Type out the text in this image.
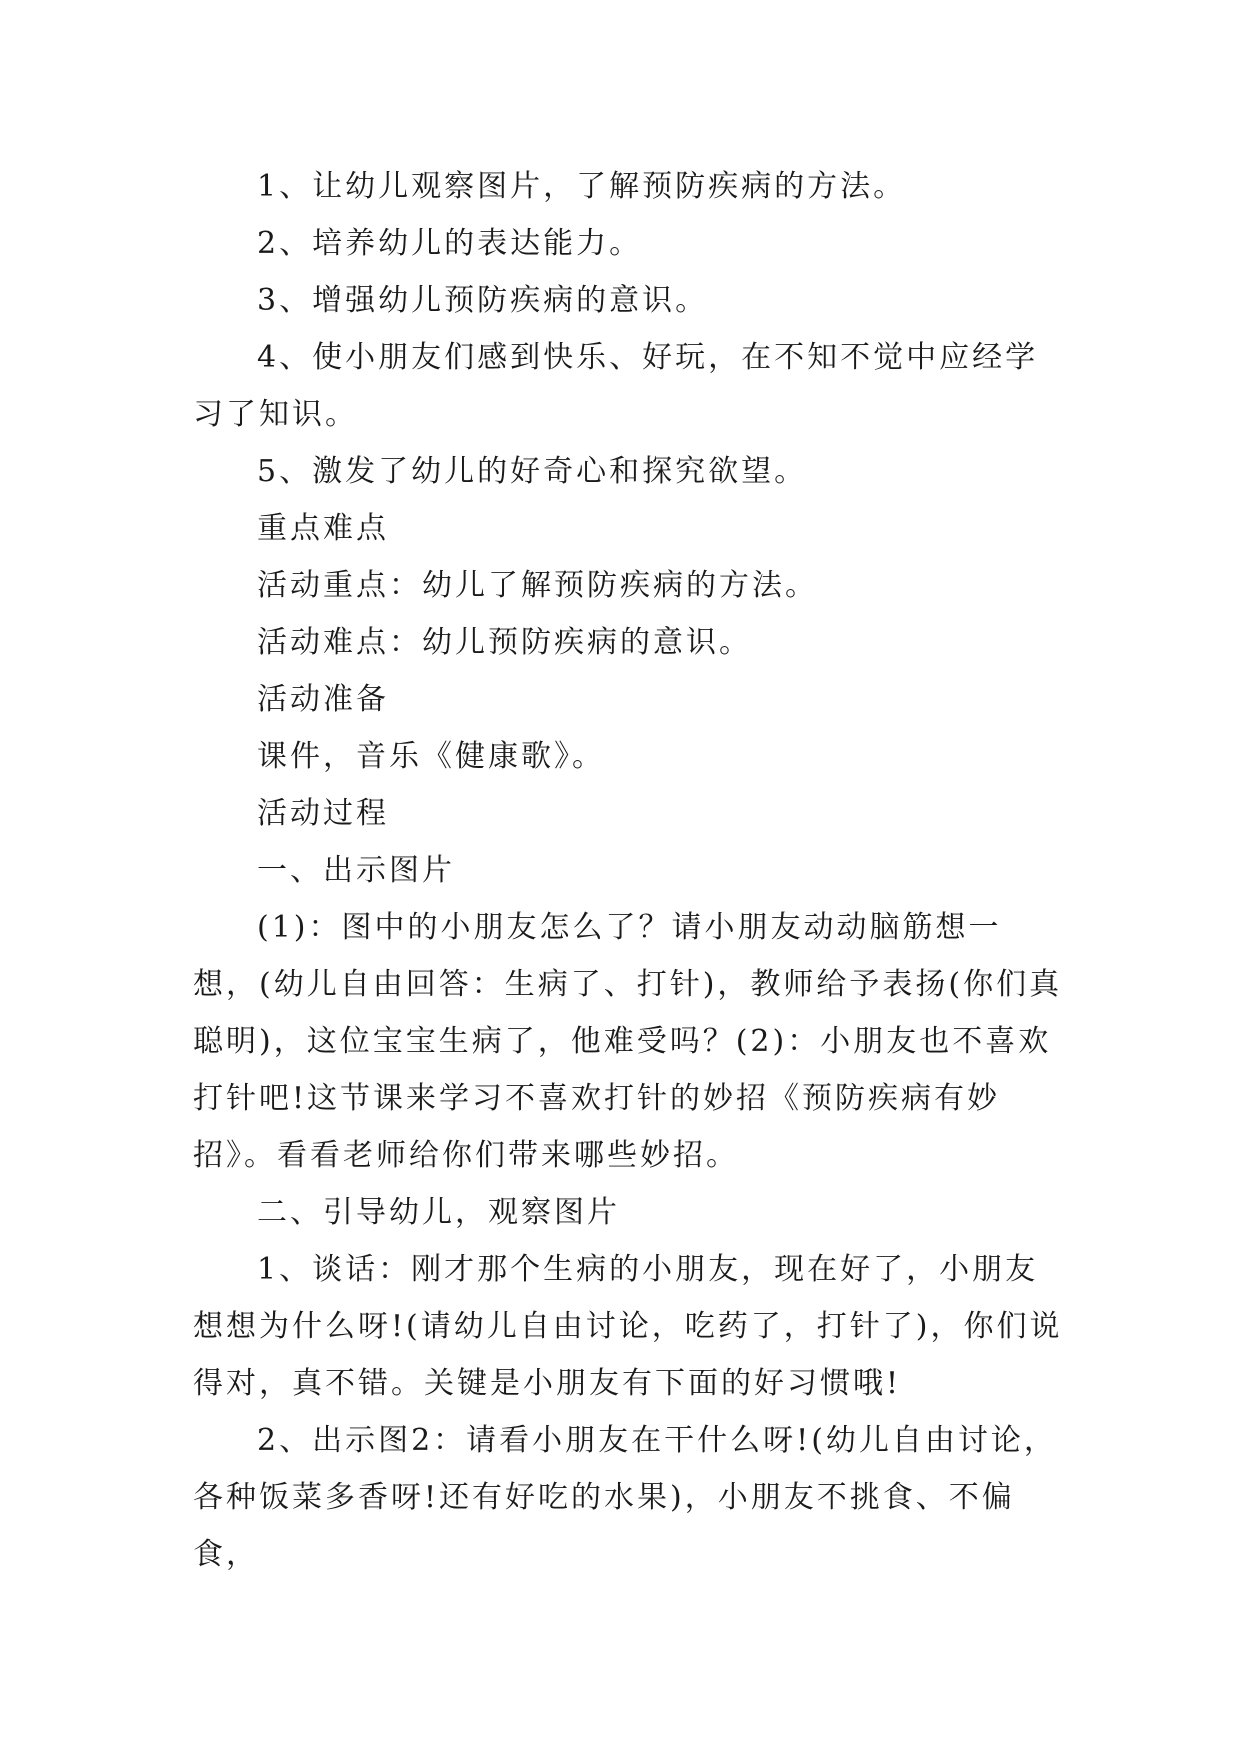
1、让幼儿观察图片，了解预防疾病的方法。

2、培养幼儿的表达能力。

3、增强幼儿预防疾病的意识。

4、使小朋友们感到快乐、好玩，在不知不觉中应经学习了知识。

5、激发了幼儿的好奇心和探究欲望。

重点难点

活动重点：幼儿了解预防疾病的方法。

活动难点：幼儿预防疾病的意识。

活动准备

课件，音乐《健康歌》。

活动过程

一、出示图片

(1)：图中的小朋友怎么了？请小朋友动动脑筋想一想，(幼儿自由回答：生病了、打针)，教师给予表扬(你们真聪明)，这位宝宝生病了，他难受吗？(2)：小朋友也不喜欢打针吧!这节课来学习不喜欢打针的妙招《预防疾病有妙招》。看看老师给你们带来哪些妙招。

二、引导幼儿，观察图片

1、谈话：刚才那个生病的小朋友，现在好了，小朋友想想为什么呀!(请幼儿自由讨论，吃药了，打针了)，你们说得对，真不错。关键是小朋友有下面的好习惯哦!

2、出示图2：请看小朋友在干什么呀!(幼儿自由讨论，各种饭菜多香呀!还有好吃的水果)，小朋友不挑食、不偏食，
